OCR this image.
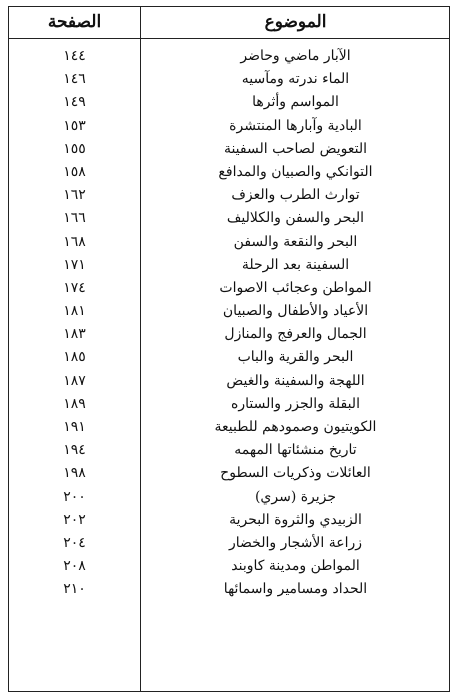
الصفحة	الموضوع
١٤٤	الآبار ماضي وحاضر
١٤٦	الماء ندرته ومآسيه
١٤٩	المواسم وأثرها
١٥٣	البادية وآبارها المنتشرة
١٥٥	التعويض لصاحب السفينة
١٥٨	التوانكي والصبيان والمدافع
١٦٢	توارث الطرب والعزف
١٦٦	البحر والسفن والكلاليف
١٦٨	البحر والنقعة والسفن
١٧١	السفينة بعد الرحلة
١٧٤	المواطن وعجائب الاصوات
١٨١	الأعياد والأطفال والصبيان
١٨٣	الجمال والعرفج والمنازل
١٨٥	البحر والقرية والباب
١٨٧	اللهجة والسفينة والغيض
١٨٩	البقلة والجزر والستاره
١٩١	الكويتيون وصمودهم للطبيعة
١٩٤	تاريخ منشئاتها المهمه
١٩٨	العائلات وذكريات السطوح
٢٠٠	جزيرة (سري)
٢٠٢	الزبيدي والثروة البحرية
٢٠٤	زراعة الأشجار والخضار
٢٠٨	المواطن ومدينة كاوبند
٢١٠	الحداد ومسامير واسمائها
